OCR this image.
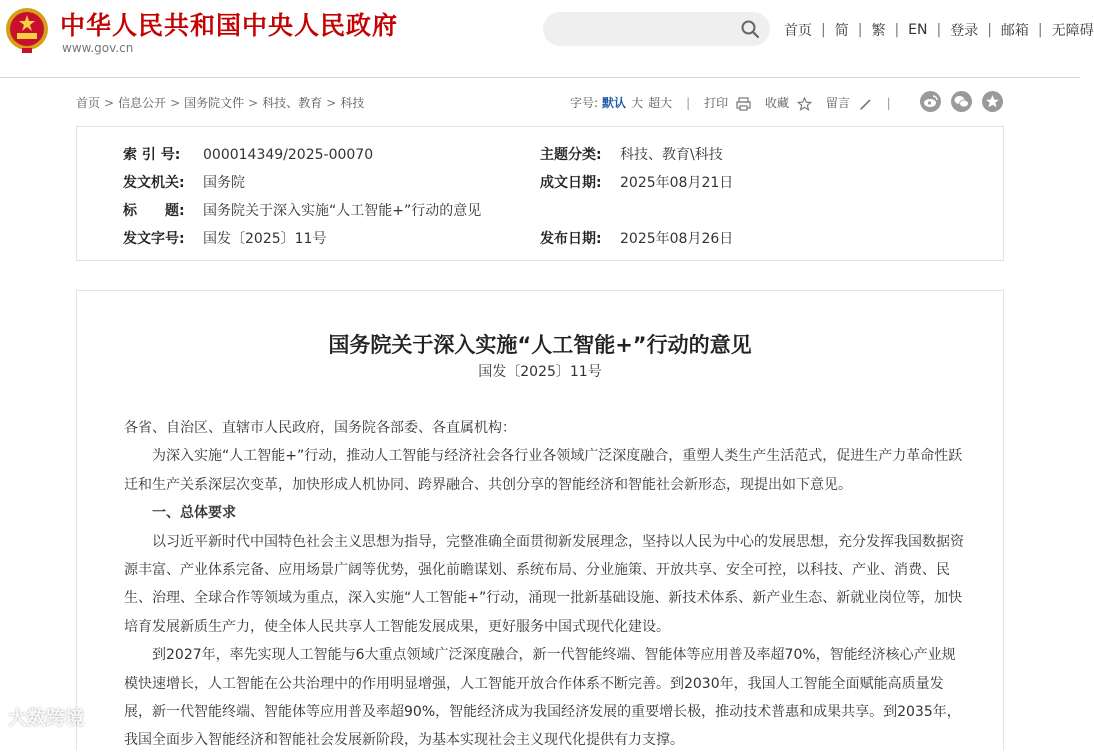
中华人民共和国中央人民政府
www.gov.cn
首页 | 简 | 繁 | EN | 登录 | 邮箱 | 无障碍
首页 > 信息公开 > 国务院文件 > 科技、教育 > 科技	字号: 默认 大 超大 | 打印	收藏	留言	|
索 引 号: 000014349/2025-00070	主题分类: 科技、教育\科技
发文机关: 国务院	成文日期: 2025年08月21日
标　　题: 国务院关于深入实施“人工智能+”行动的意见
发文字号: 国发〔2025〕11号	发布日期: 2025年08月26日
国务院关于深入实施“人工智能+”行动的意见
国发〔2025〕11号

各省、自治区、直辖市人民政府，国务院各部委、各直属机构：

为深入实施“人工智能+”行动，推动人工智能与经济社会各行业各领域广泛深度融合，重塑人类生产生活范式，促进生产力革命性跃迁和生产关系深层次变革，加快形成人机协同、跨界融合、共创分享的智能经济和智能社会新形态，现提出如下意见。

一、总体要求

以习近平新时代中国特色社会主义思想为指导，完整准确全面贯彻新发展理念，坚持以人民为中心的发展思想，充分发挥我国数据资源丰富、产业体系完备、应用场景广阔等优势，强化前瞻谋划、系统布局、分业施策、开放共享、安全可控，以科技、产业、消费、民生、治理、全球合作等领域为重点，深入实施“人工智能+”行动，涌现一批新基础设施、新技术体系、新产业生态、新就业岗位等，加快培育发展新质生产力，使全体人民共享人工智能发展成果，更好服务中国式现代化建设。

到2027年，率先实现人工智能与6大重点领域广泛深度融合，新一代智能终端、智能体等应用普及率超70%，智能经济核心产业规模快速增长，人工智能在公共治理中的作用明显增强，人工智能开放合作体系不断完善。到2030年，我国人工智能全面赋能高质量发展，新一代智能终端、智能体等应用普及率超90%，智能经济成为我国经济发展的重要增长极，推动技术普惠和成果共享。到2035年，我国全面步入智能经济和智能社会发展新阶段，为基本实现社会主义现代化提供有力支撑。

大数跨境
